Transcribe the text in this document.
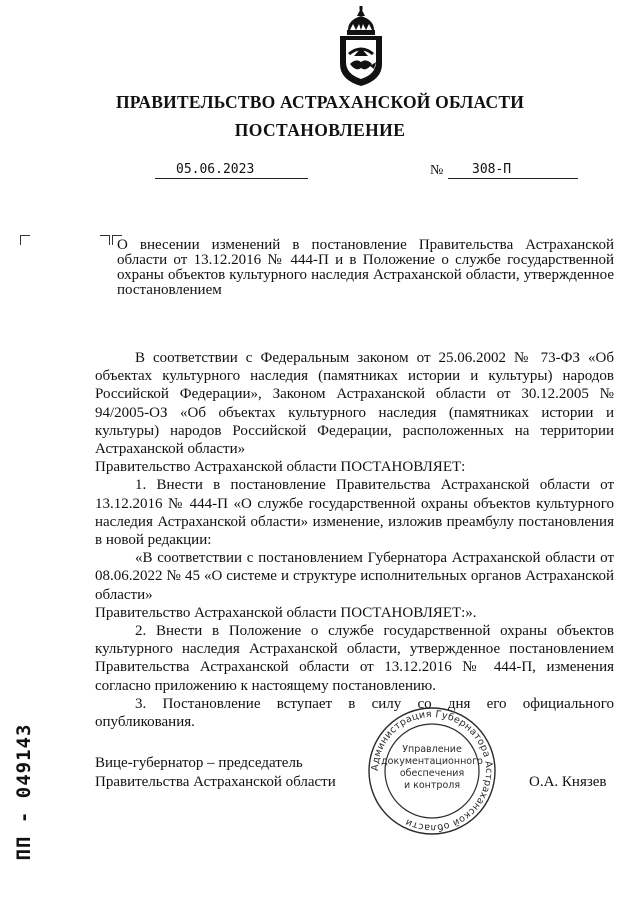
ПРАВИТЕЛЬСТВО АСТРАХАНСКОЙ ОБЛАСТИ
ПОСТАНОВЛЕНИЕ
05.06.2023	№ 308-П
О внесении изменений в постановление Правительства Астраханской области от 13.12.2016 № 444-П и в Положение о службе государственной охраны объектов культурного наследия Астраханской области, утвержденное постановлением

В соответствии с Федеральным законом от 25.06.2002 № 73-ФЗ «Об объектах культурного наследия (памятниках истории и культуры) народов Российской Федерации», Законом Астраханской области от 30.12.2005 № 94/2005-ОЗ «Об объектах культурного наследия (памятниках истории и культуры) народов Российской Федерации, расположенных на территории Астраханской области»

Правительство Астраханской области ПОСТАНОВЛЯЕТ:

1. Внести в постановление Правительства Астраханской области от 13.12.2016 № 444-П «О службе государственной охраны объектов культурного наследия Астраханской области» изменение, изложив преамбулу постановления в новой редакции:

«В соответствии с постановлением Губернатора Астраханской области от 08.06.2022 № 45 «О системе и структуре исполнительных органов Астраханской области»

Правительство Астраханской области ПОСТАНОВЛЯЕТ:».

2. Внести в Положение о службе государственной охраны объектов культурного наследия Астраханской области, утвержденное постановлением Правительства Астраханской области от 13.12.2016 № 444-П, изменения согласно приложению к настоящему постановлению.

3. Постановление вступает в силу со дня его официального опубликования.

Вице-губернатор – председатель
Правительства Астраханской области	О.А. Князев
Администрация Губернатора Астраханской области
Управление
документационного
обеспечения
и контроля
ПП - 049143
